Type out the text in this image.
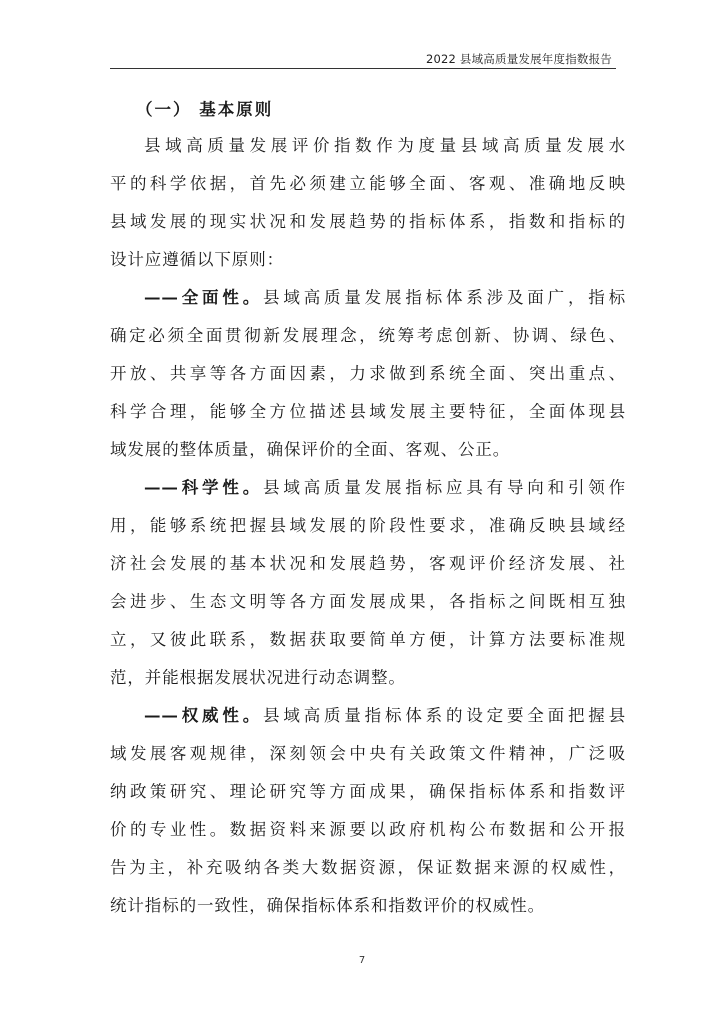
2022 县域高质量发展年度指数报告
（一） 基本原则
县域高质量发展评价指数作为度量县域高质量发展水
平的科学依据，首先必须建立能够全面、客观、准确地反映
县域发展的现实状况和发展趋势的指标体系，指数和指标的
设计应遵循以下原则：
——全面性。县域高质量发展指标体系涉及面广，指标
确定必须全面贯彻新发展理念，统筹考虑创新、协调、绿色、
开放、共享等各方面因素，力求做到系统全面、突出重点、
科学合理，能够全方位描述县域发展主要特征，全面体现县
域发展的整体质量，确保评价的全面、客观、公正。
——科学性。县域高质量发展指标应具有导向和引领作
用，能够系统把握县域发展的阶段性要求，准确反映县域经
济社会发展的基本状况和发展趋势，客观评价经济发展、社
会进步、生态文明等各方面发展成果，各指标之间既相互独
立，又彼此联系，数据获取要简单方便，计算方法要标准规
范，并能根据发展状况进行动态调整。
——权威性。县域高质量指标体系的设定要全面把握县
域发展客观规律，深刻领会中央有关政策文件精神，广泛吸
纳政策研究、理论研究等方面成果，确保指标体系和指数评
价的专业性。数据资料来源要以政府机构公布数据和公开报
告为主，补充吸纳各类大数据资源，保证数据来源的权威性，
统计指标的一致性，确保指标体系和指数评价的权威性。
7
